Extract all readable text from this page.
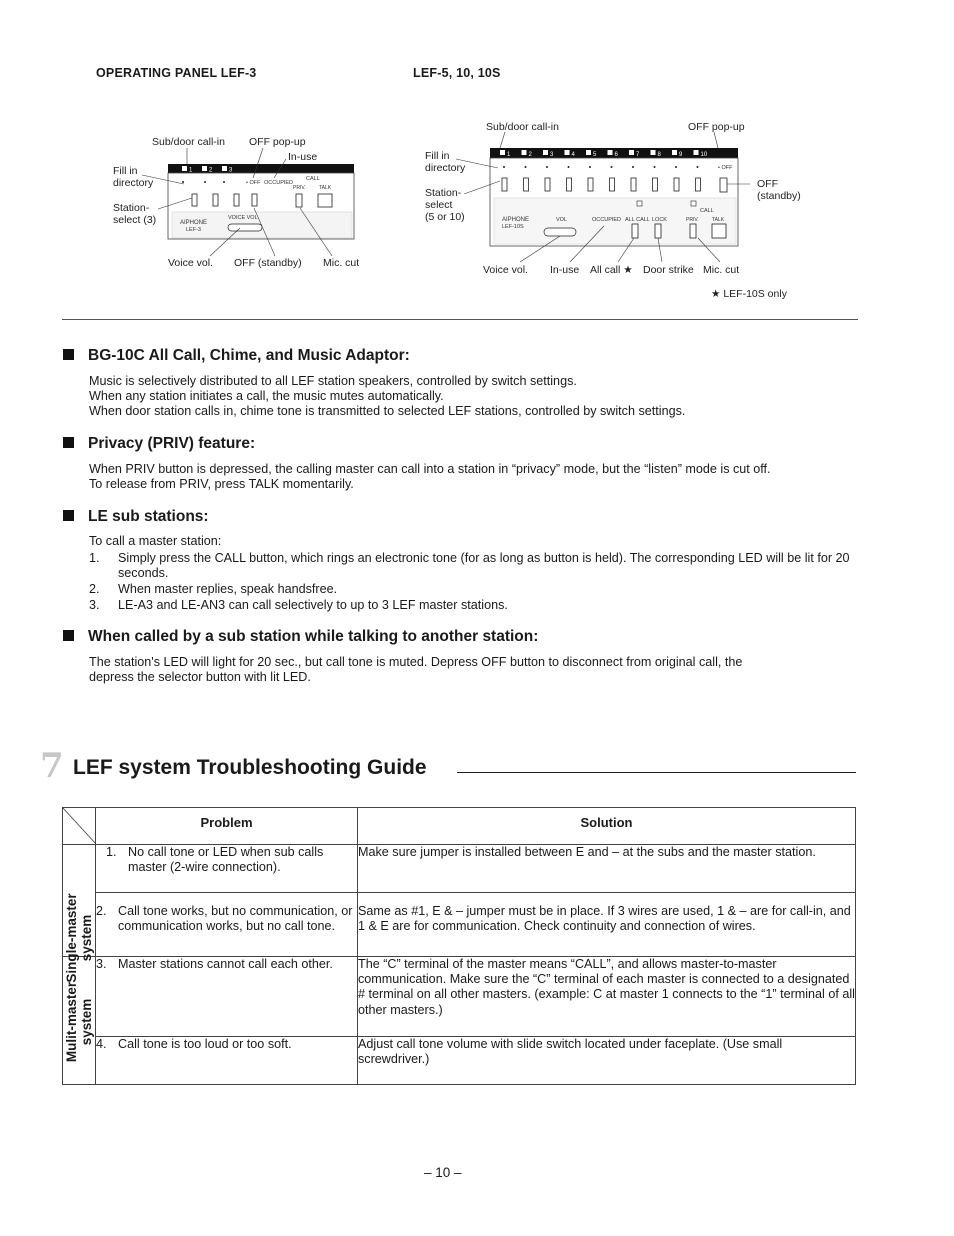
OPERATING PANEL LEF-3	LEF-5, 10, 10S
1	2	3
• OFF OCCUPIED
CALL
PRIV.	TALK
AIPHONE
LEF-3
VOICE VOL
Sub/door call-in OFF pop-up
In-use
Fill in
directory
Station-
select (3)
Voice vol. OFF (standby) Mic. cut
1	2	3	4	5	6	7	8	9	10
• OFF
AIPHONE
LEF-10S
VOL	OCCUPIED ALL CALL LOCK
CALL
PRIV.	TALK
Sub/door call-in	OFF pop-up
Fill in
directory
Station-
select
(5 or 10)
OFF
(standby)
Voice vol. In-use All call ★ Door strike Mic. cut
★ LEF-10S only
BG-10C All Call, Chime, and Music Adaptor:
Music is selectively distributed to all LEF station speakers, controlled by switch settings.
When any station initiates a call, the music mutes automatically.
When door station calls in, chime tone is transmitted to selected LEF stations, controlled by switch settings.
Privacy (PRIV) feature:
When PRIV button is depressed, the calling master can call into a station in “privacy” mode, but the “listen” mode is cut off.
To release from PRIV, press TALK momentarily.
LE sub stations:
To call a master station:
1. Simply press the CALL button, which rings an electronic tone (for as long as button is held). The corresponding LED will be lit for 20 seconds.
2. When master replies, speak handsfree.
3. LE-A3 and LE-AN3 can call selectively to up to 3 LEF master stations.
When called by a sub station while talking to another station:
The station's LED will light for 20 sec., but call tone is muted. Depress OFF button to disconnect from original call, the
depress the selector button with lit LED.
7 LEF system Troubleshooting Guide

Problem	Solution

Single-master
system	1. No call tone or LED when sub calls master (2-wire connection).	Make sure jumper is installed between E and – at the subs and the master station.

	2. Call tone works, but no communication, or communication works, but no call tone.	Same as #1, E & – jumper must be in place. If 3 wires are used, 1 & – are for call-in, and 1 & E are for communication. Check continuity and connection of wires.

Mulit-master
system	3. Master stations cannot call each other.	The “C” terminal of the master means “CALL”, and allows master-to-master communication. Make sure the “C” terminal of each master is connected to a designated # terminal on all other masters. (example: C at master 1 connects to the “1” terminal of all other masters.)

	4. Call tone is too loud or too soft.	Adjust call tone volume with slide switch located under faceplate. (Use small screwdriver.)
– 10 –
